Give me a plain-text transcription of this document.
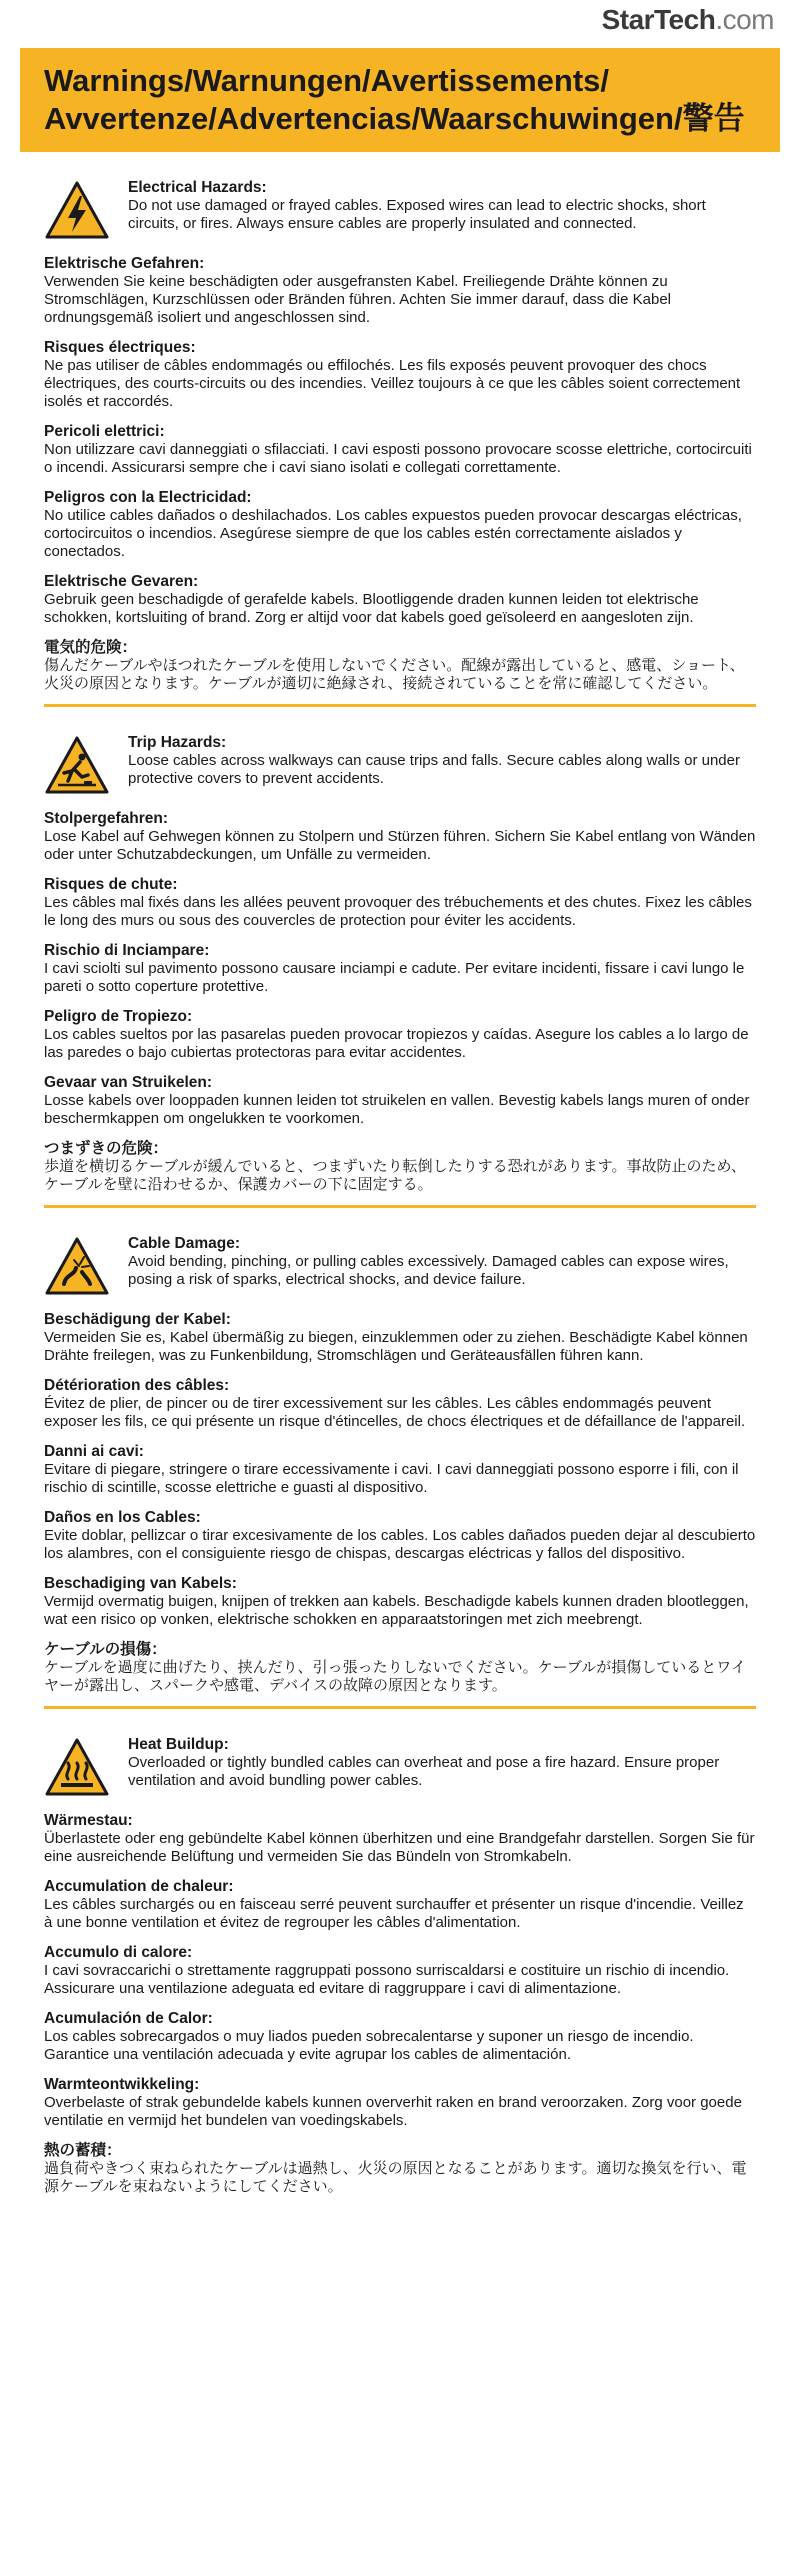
StarTech.com
Warnings/Warnungen/Avertissements/
Avvertenze/Advertencias/Waarschuwingen/警告
Electrical Hazards:
Do not use damaged or frayed cables. Exposed wires can lead to electric shocks, short circuits, or fires. Always ensure cables are properly insulated and connected.
Elektrische Gefahren:
Verwenden Sie keine beschädigten oder ausgefransten Kabel. Freiliegende Drähte können zu Stromschlägen, Kurzschlüssen oder Bränden führen. Achten Sie immer darauf, dass die Kabel ordnungsgemäß isoliert und angeschlossen sind.
Risques électriques:
Ne pas utiliser de câbles endommagés ou effilochés. Les fils exposés peuvent provoquer des chocs électriques, des courts-circuits ou des incendies. Veillez toujours à ce que les câbles soient correctement isolés et raccordés.
Pericoli elettrici:
Non utilizzare cavi danneggiati o sfilacciati. I cavi esposti possono provocare scosse elettriche, cortocircuiti o incendi. Assicurarsi sempre che i cavi siano isolati e collegati correttamente.
Peligros con la Electricidad:
No utilice cables dañados o deshilachados. Los cables expuestos pueden provocar descargas eléctricas, cortocircuitos o incendios. Asegúrese siempre de que los cables estén correctamente aislados y conectados.
Elektrische Gevaren:
Gebruik geen beschadigde of gerafelde kabels. Blootliggende draden kunnen leiden tot elektrische schokken, kortsluiting of brand. Zorg er altijd voor dat kabels goed geïsoleerd en aangesloten zijn.
電気的危険：
傷んだケーブルやほつれたケーブルを使用しないでください。配線が露出していると、感電、ショート、火災の原因となります。ケーブルが適切に絶縁され、接続されていることを常に確認してください。
Trip Hazards:
Loose cables across walkways can cause trips and falls. Secure cables along walls or under protective covers to prevent accidents.
Stolpergefahren:
Lose Kabel auf Gehwegen können zu Stolpern und Stürzen führen. Sichern Sie Kabel entlang von Wänden oder unter Schutzabdeckungen, um Unfälle zu vermeiden.
Risques de chute:
Les câbles mal fixés dans les allées peuvent provoquer des trébuchements et des chutes. Fixez les câbles le long des murs ou sous des couvercles de protection pour éviter les accidents.
Rischio di Inciampare:
I cavi sciolti sul pavimento possono causare inciampi e cadute. Per evitare incidenti, fissare i cavi lungo le pareti o sotto coperture protettive.
Peligro de Tropiezo:
Los cables sueltos por las pasarelas pueden provocar tropiezos y caídas. Asegure los cables a lo largo de las paredes o bajo cubiertas protectoras para evitar accidentes.
Gevaar van Struikelen:
Losse kabels over looppaden kunnen leiden tot struikelen en vallen. Bevestig kabels langs muren of onder beschermkappen om ongelukken te voorkomen.
つまずきの危険：
歩道を横切るケーブルが緩んでいると、つまずいたり転倒したりする恐れがあります。事故防止のため、ケーブルを壁に沿わせるか、保護カバーの下に固定する。
Cable Damage:
Avoid bending, pinching, or pulling cables excessively. Damaged cables can expose wires, posing a risk of sparks, electrical shocks, and device failure.
Beschädigung der Kabel:
Vermeiden Sie es, Kabel übermäßig zu biegen, einzuklemmen oder zu ziehen. Beschädigte Kabel können Drähte freilegen, was zu Funkenbildung, Stromschlägen und Geräteausfällen führen kann.
Détérioration des câbles:
Évitez de plier, de pincer ou de tirer excessivement sur les câbles. Les câbles endommagés peuvent exposer les fils, ce qui présente un risque d'étincelles, de chocs électriques et de défaillance de l'appareil.
Danni ai cavi:
Evitare di piegare, stringere o tirare eccessivamente i cavi. I cavi danneggiati possono esporre i fili, con il rischio di scintille, scosse elettriche e guasti al dispositivo.
Daños en los Cables:
Evite doblar, pellizcar o tirar excesivamente de los cables. Los cables dañados pueden dejar al descubierto los alambres, con el consiguiente riesgo de chispas, descargas eléctricas y fallos del dispositivo.
Beschadiging van Kabels:
Vermijd overmatig buigen, knijpen of trekken aan kabels. Beschadigde kabels kunnen draden blootleggen, wat een risico op vonken, elektrische schokken en apparaatstoringen met zich meebrengt.
ケーブルの損傷：
ケーブルを過度に曲げたり、挟んだり、引っ張ったりしないでください。ケーブルが損傷しているとワイヤーが露出し、スパークや感電、デバイスの故障の原因となります。
Heat Buildup:
Overloaded or tightly bundled cables can overheat and pose a fire hazard. Ensure proper ventilation and avoid bundling power cables.
Wärmestau:
Überlastete oder eng gebündelte Kabel können überhitzen und eine Brandgefahr darstellen. Sorgen Sie für eine ausreichende Belüftung und vermeiden Sie das Bündeln von Stromkabeln.
Accumulation de chaleur:
Les câbles surchargés ou en faisceau serré peuvent surchauffer et présenter un risque d'incendie. Veillez à une bonne ventilation et évitez de regrouper les câbles d'alimentation.
Accumulo di calore:
I cavi sovraccarichi o strettamente raggruppati possono surriscaldarsi e costituire un rischio di incendio. Assicurare una ventilazione adeguata ed evitare di raggruppare i cavi di alimentazione.
Acumulación de Calor:
Los cables sobrecargados o muy liados pueden sobrecalentarse y suponer un riesgo de incendio. Garantice una ventilación adecuada y evite agrupar los cables de alimentación.
Warmteontwikkeling:
Overbelaste of strak gebundelde kabels kunnen oververhit raken en brand veroorzaken. Zorg voor goede ventilatie en vermijd het bundelen van voedingskabels.
熱の蓄積：
過負荷やきつく束ねられたケーブルは過熱し、火災の原因となることがあります。適切な換気を行い、電源ケーブルを束ねないようにしてください。
